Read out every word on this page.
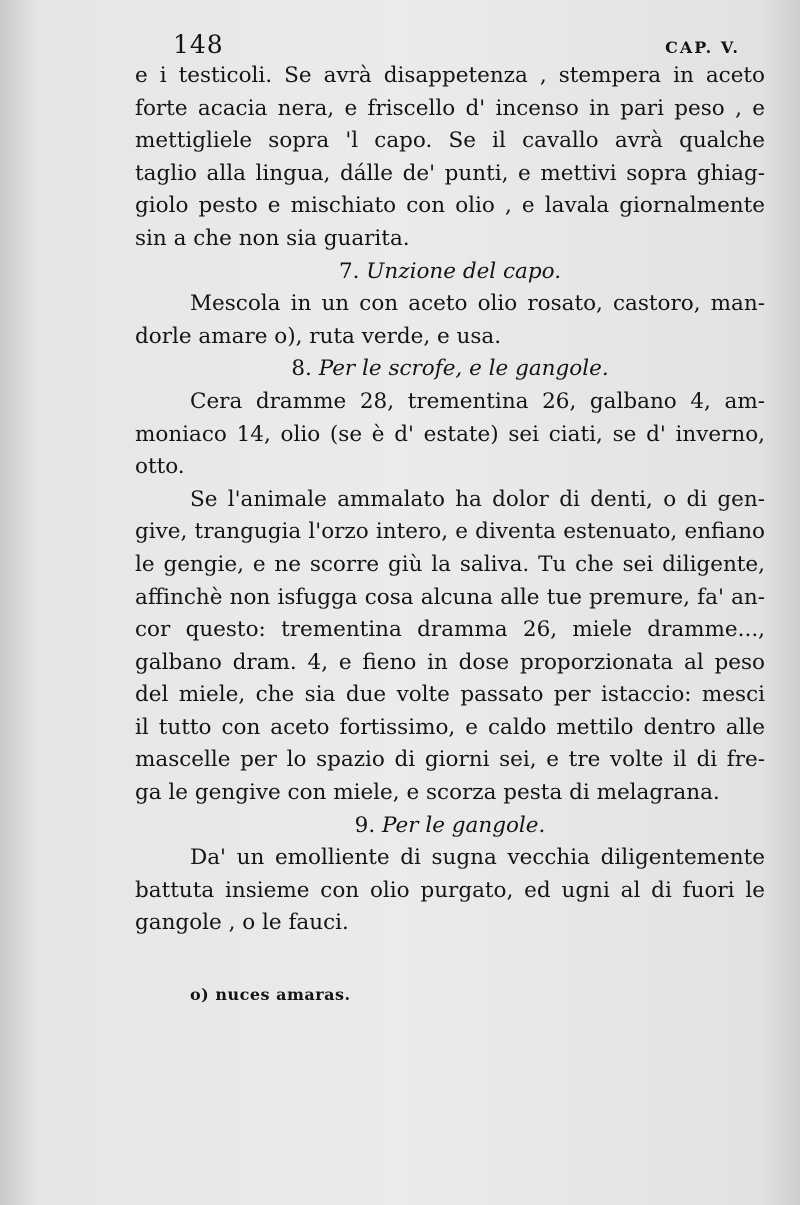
148	CAP. V.
e i testicoli. Se avrà disappetenza , stempera in aceto
forte acacia nera, e friscello d' incenso in pari peso , e
mettigliele sopra 'l capo. Se il cavallo avrà qualche
taglio alla lingua, dálle de' punti, e mettivi sopra ghiag-
giolo pesto e mischiato con olio , e lavala giornalmente
sin a che non sia guarita.
7. Unzione del capo.
Mescola in un con aceto olio rosato, castoro, man-
dorle amare o), ruta verde, e usa.
8. Per le scrofe, e le gangole.
Cera dramme 28, trementina 26, galbano 4, am-
moniaco 14, olio (se è d' estate) sei ciati, se d' inverno,
otto.
Se l'animale ammalato ha dolor di denti, o di gen-
give, trangugia l'orzo intero, e diventa estenuato, enfiano
le gengie, e ne scorre giù la saliva. Tu che sei diligente,
affinchè non isfugga cosa alcuna alle tue premure, fa' an-
cor questo: trementina dramma 26, miele dramme...,
galbano dram. 4, e fieno in dose proporzionata al peso
del miele, che sia due volte passato per istaccio: mesci
il tutto con aceto fortissimo, e caldo mettilo dentro alle
mascelle per lo spazio di giorni sei, e tre volte il di fre-
ga le gengive con miele, e scorza pesta di melagrana.
9. Per le gangole.
Da' un emolliente di sugna vecchia diligentemente
battuta insieme con olio purgato, ed ugni al di fuori le
gangole , o le fauci.
o) nuces amaras.
